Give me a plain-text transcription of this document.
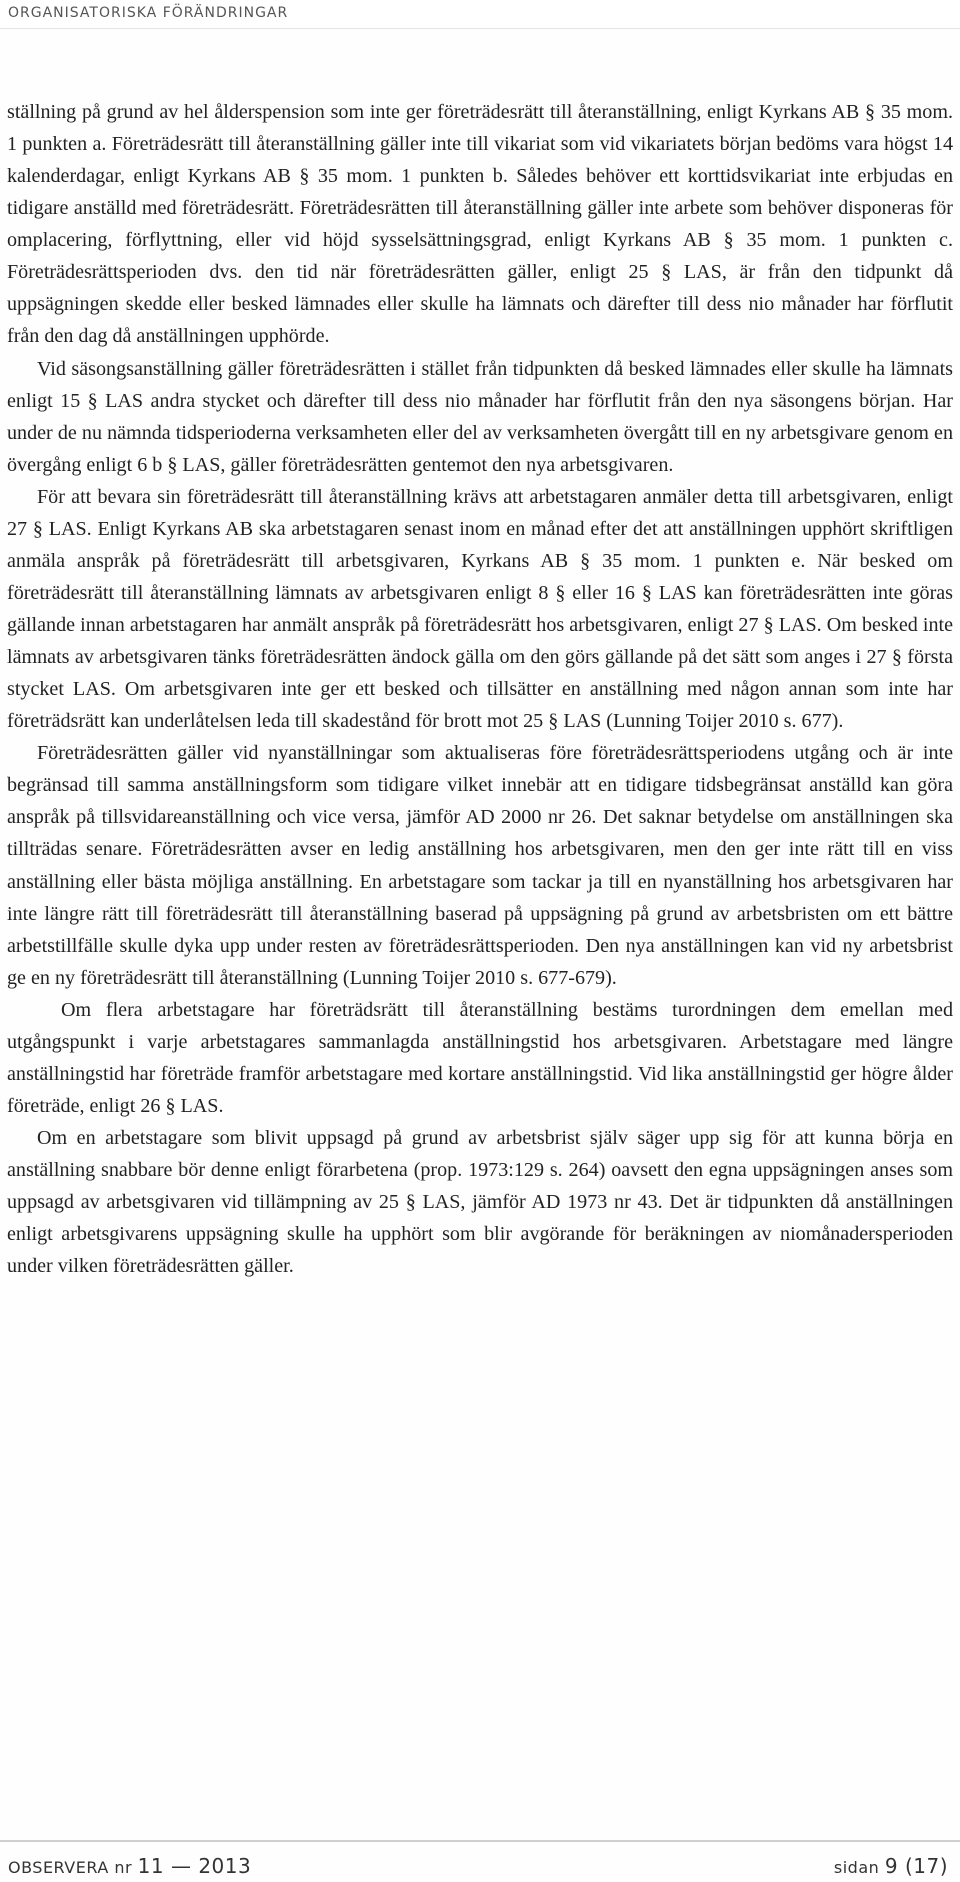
ORGANISATORISKA FÖRÄNDRINGAR

ställning på grund av hel ålderspension som inte ger företrädesrätt till återanställning, enligt Kyrkans AB § 35 mom. 1 punkten a. Företrädesrätt till återanställning gäller inte till vikariat som vid vikariatets början bedöms vara högst 14 kalenderdagar, enligt Kyrkans AB § 35 mom. 1 punkten b. Således behöver ett korttidsvikariat inte erbjudas en tidigare anställd med företrädesrätt. Företrädesrätten till återanställning gäller inte arbete som behöver disponeras för omplacering, förflyttning, eller vid höjd sysselsättningsgrad, enligt Kyrkans AB § 35 mom. 1 punkten c. Företrädesrättsperioden dvs. den tid när företrädesrätten gäller, enligt 25 § LAS, är från den tidpunkt då uppsägningen skedde eller besked lämnades eller skulle ha lämnats och därefter till dess nio månader har förflutit från den dag då anställningen upphörde.

Vid säsongsanställning gäller företrädesrätten i stället från tidpunkten då besked lämnades eller skulle ha lämnats enligt 15 § LAS andra stycket och därefter till dess nio månader har förflutit från den nya säsongens början. Har under de nu nämnda tidsperioderna verksamheten eller del av verksamheten övergått till en ny arbetsgivare genom en övergång enligt 6 b § LAS, gäller företrädesrätten gentemot den nya arbetsgivaren.

För att bevara sin företrädesrätt till återanställning krävs att arbetstagaren anmäler detta till arbetsgivaren, enligt 27 § LAS. Enligt Kyrkans AB ska arbetstagaren senast inom en månad efter det att anställningen upphört skriftligen anmäla anspråk på företrädesrätt till arbetsgivaren, Kyrkans AB § 35 mom. 1 punkten e. När besked om företrädesrätt till återanställning lämnats av arbetsgivaren enligt 8 § eller 16 § LAS kan företrädesrätten inte göras gällande innan arbetstagaren har anmält anspråk på företrädesrätt hos arbetsgivaren, enligt 27 § LAS. Om besked inte lämnats av arbetsgivaren tänks företrädesrätten ändock gälla om den görs gällande på det sätt som anges i 27 § första stycket LAS. Om arbetsgivaren inte ger ett besked och tillsätter en anställning med någon annan som inte har företrädsrätt kan underlåtelsen leda till skadestånd för brott mot 25 § LAS (Lunning Toijer 2010 s. 677).

Företrädesrätten gäller vid nyanställningar som aktualiseras före företrädesrättsperiodens utgång och är inte begränsad till samma anställningsform som tidigare vilket innebär att en tidigare tidsbegränsat anställd kan göra anspråk på tillsvidareanställning och vice versa, jämför AD 2000 nr 26. Det saknar betydelse om anställningen ska tillträdas senare. Företrädesrätten avser en ledig anställning hos arbetsgivaren, men den ger inte rätt till en viss anställning eller bästa möjliga anställning. En arbetstagare som tackar ja till en nyanställning hos arbetsgivaren har inte längre rätt till företrädesrätt till återanställning baserad på uppsägning på grund av arbetsbristen om ett bättre arbetstillfälle skulle dyka upp under resten av företrädesrättsperioden. Den nya anställningen kan vid ny arbetsbrist ge en ny företrädesrätt till återanställning (Lunning Toijer 2010 s. 677-679).

Om flera arbetstagare har företrädsrätt till återanställning bestäms turordningen dem emellan med utgångspunkt i varje arbetstagares sammanlagda anställningstid hos arbetsgivaren. Arbetstagare med längre anställningstid har företräde framför arbetstagare med kortare anställningstid. Vid lika anställningstid ger högre ålder företräde, enligt 26 § LAS.

Om en arbetstagare som blivit uppsagd på grund av arbetsbrist själv säger upp sig för att kunna börja en anställning snabbare bör denne enligt förarbetena (prop. 1973:129 s. 264) oavsett den egna uppsägningen anses som uppsagd av arbetsgivaren vid tillämpning av 25 § LAS, jämför AD 1973 nr 43. Det är tidpunkten då anställningen enligt arbetsgivarens uppsägning skulle ha upphört som blir avgörande för beräkningen av niomånadersperioden under vilken företrädesrätten gäller.

OBSERVERA nr 11 — 2013	sidan 9 (17)
